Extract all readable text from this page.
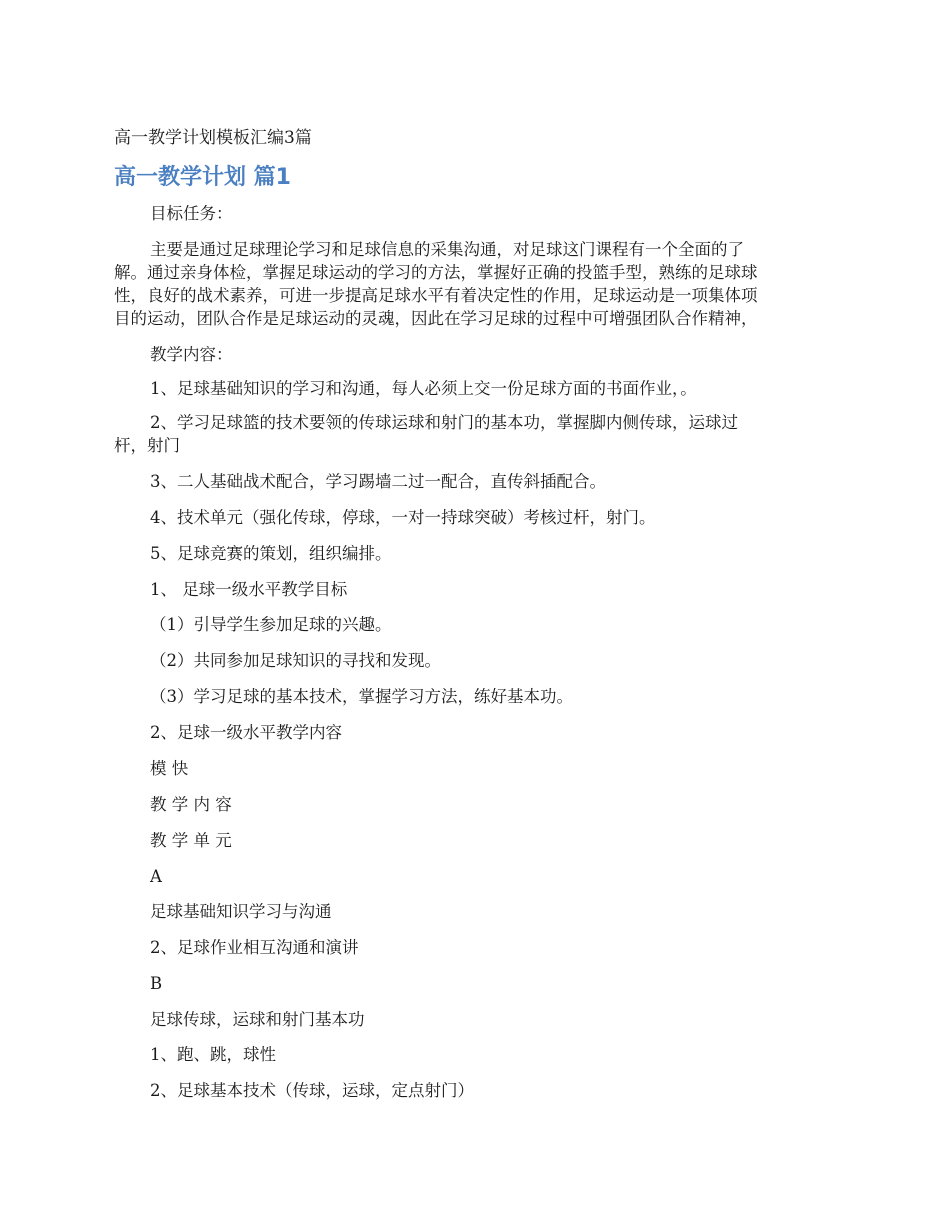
高一教学计划模板汇编3篇
高一教学计划 篇1

目标任务：

主要是通过足球理论学习和足球信息的采集沟通，对足球这门课程有一个全面的了
解。通过亲身体检，掌握足球运动的学习的方法，掌握好正确的投篮手型，熟练的足球球
性，良好的战术素养，可进一步提高足球水平有着决定性的作用，足球运动是一项集体项
目的运动，团队合作是足球运动的灵魂，因此在学习足球的过程中可增强团队合作精神，

教学内容：

1、足球基础知识的学习和沟通，每人必须上交一份足球方面的书面作业，。

2、学习足球篮的技术要领的传球运球和射门的基本功，掌握脚内侧传球，运球过
杆，射门

3、二人基础战术配合，学习踢墙二过一配合，直传斜插配合。

4、技术单元（强化传球，停球，一对一持球突破）考核过杆，射门。

5、足球竞赛的策划，组织编排。

1、 足球一级水平教学目标

（1）引导学生参加足球的兴趣。

（2）共同参加足球知识的寻找和发现。

（3）学习足球的基本技术，掌握学习方法，练好基本功。

2、足球一级水平教学内容

模 快

教 学 内 容

教 学 单 元

A

足球基础知识学习与沟通

2、足球作业相互沟通和演讲

B

足球传球，运球和射门基本功

1、跑、跳，球性

2、足球基本技术（传球，运球，定点射门）
